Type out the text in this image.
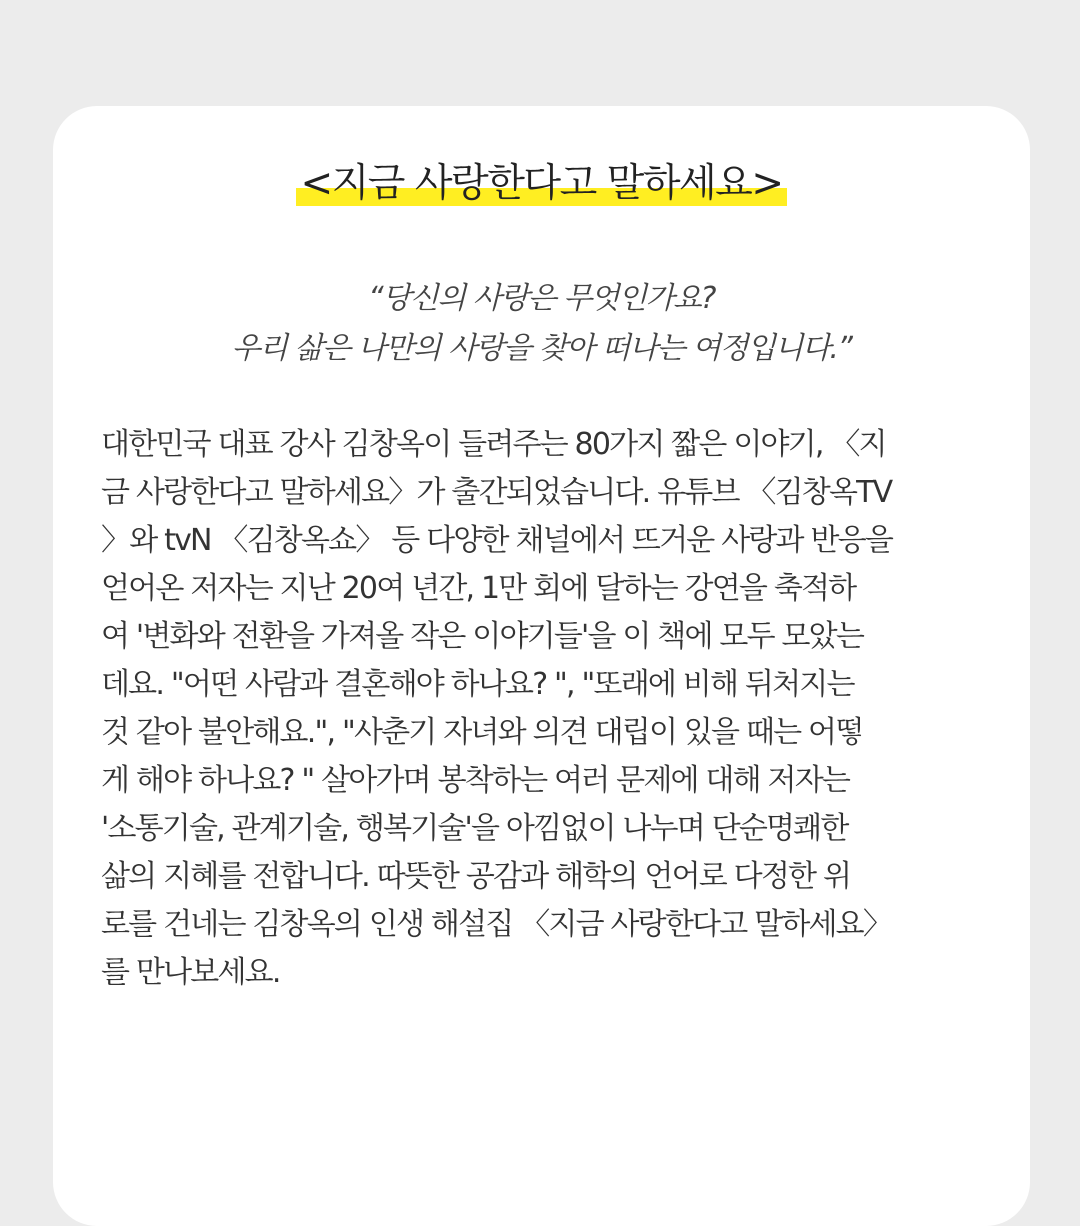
<지금 사랑한다고 말하세요>
“당신의 사랑은 무엇인가요?
우리 삶은 나만의 사랑을 찾아 떠나는 여정입니다.”
대한민국 대표 강사 김창옥이 들려주는 80가지 짧은 이야기, 〈지
금 사랑한다고 말하세요〉가 출간되었습니다. 유튜브 〈김창옥TV
〉와 tvN 〈김창옥쇼〉 등 다양한 채널에서 뜨거운 사랑과 반응을
얻어온 저자는 지난 20여 년간, 1만 회에 달하는 강연을 축적하
여 '변화와 전환을 가져올 작은 이야기들'을 이 책에 모두 모았는
데요. "어떤 사람과 결혼해야 하나요? ", "또래에 비해 뒤처지는
것 같아 불안해요.", "사춘기 자녀와 의견 대립이 있을 때는 어떻
게 해야 하나요? " 살아가며 봉착하는 여러 문제에 대해 저자는
'소통기술, 관계기술, 행복기술'을 아낌없이 나누며 단순명쾌한
삶의 지혜를 전합니다. 따뜻한 공감과 해학의 언어로 다정한 위
로를 건네는 김창옥의 인생 해설집 〈지금 사랑한다고 말하세요〉
를 만나보세요.
